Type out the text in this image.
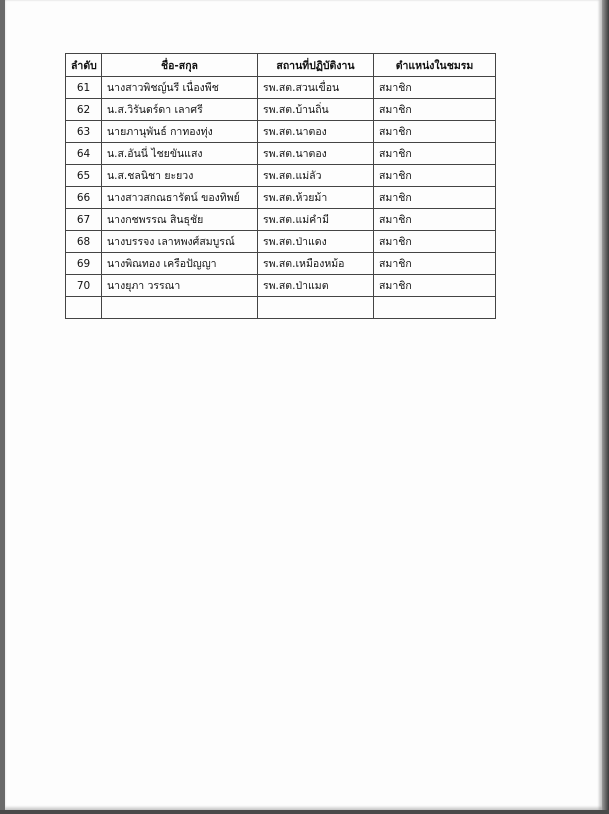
ลำดับ	ชื่อ-สกุล	สถานที่ปฏิบัติงาน	ตำแหน่งในชมรม
61	นางสาวพิชญ์นรี เนื่องพืช	รพ.สต.สวนเขื่อน	สมาชิก
62	น.ส.วิรันดร์ดา เลาศรี	รพ.สต.บ้านถิ่น	สมาชิก
63	นายภานุพันธ์ กาทองทุ่ง	รพ.สต.นาตอง	สมาชิก
64	น.ส.อันนี่ ไชยขันแสง	รพ.สต.นาตอง	สมาชิก
65	น.ส.ชลนิชา ยะยวง	รพ.สต.แม่ลัว	สมาชิก
66	นางสาวสกณธารัตน์ ของทิพย์	รพ.สต.ห้วยม้า	สมาชิก
67	นางกชพรรณ สินธุชัย	รพ.สต.แม่คำมี	สมาชิก
68	นางบรรจง เลาหพงศ์สมบูรณ์	รพ.สต.ป่าแดง	สมาชิก
69	นางพิณทอง เครือปัญญา	รพ.สต.เหมืองหม้อ	สมาชิก
70	นางยุภา วรรณา	รพ.สต.ป่าแมต	สมาชิก
